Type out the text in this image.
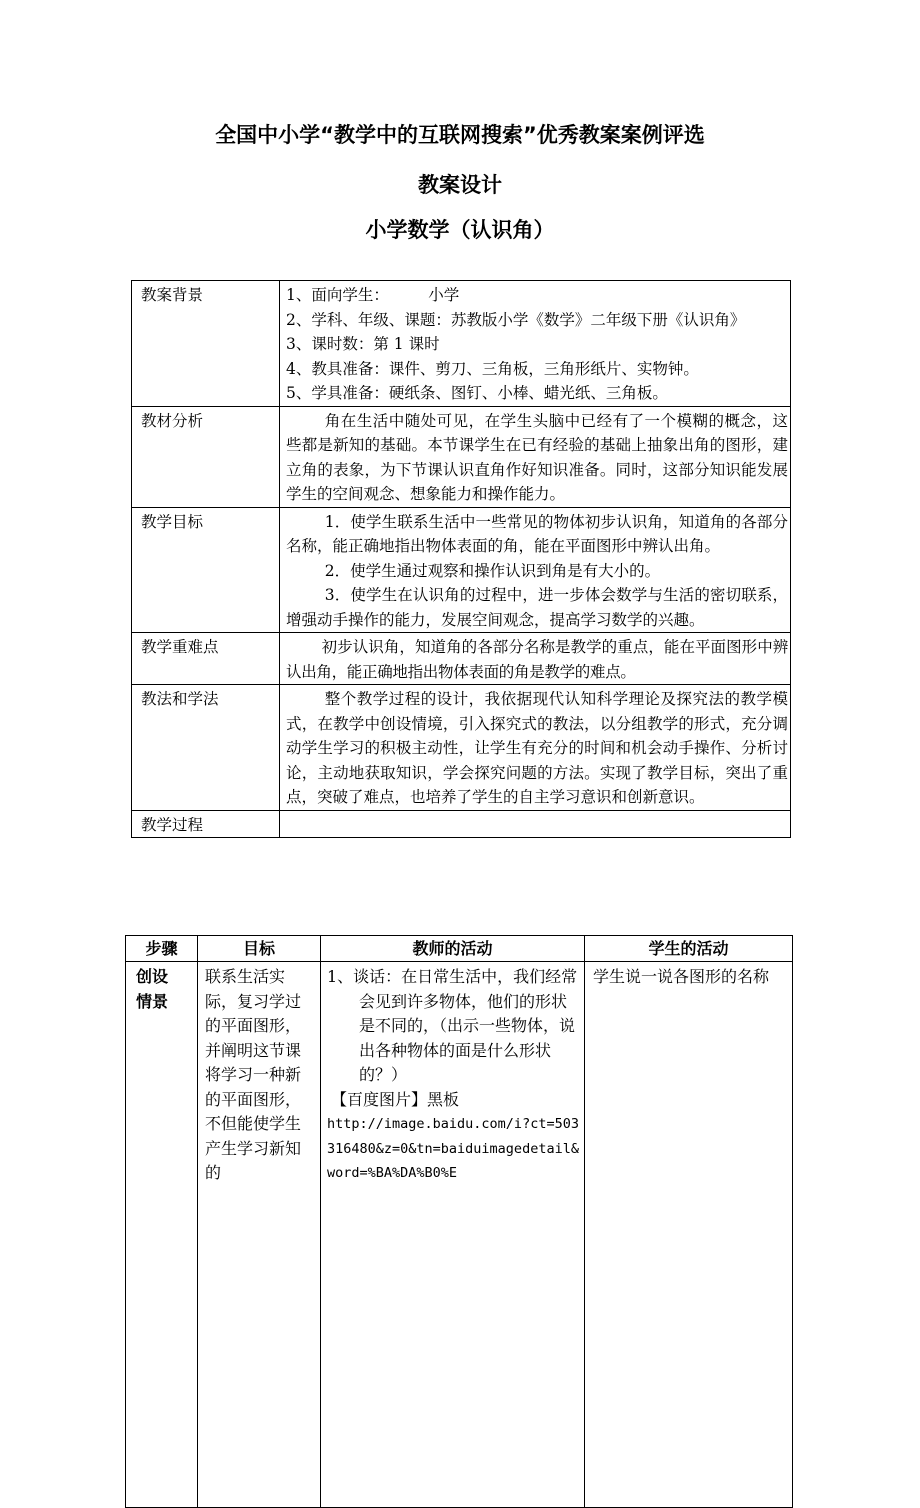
全国中小学“教学中的互联网搜索”优秀教案案例评选
教案设计
小学数学（认识角）
教案背景	1、面向学生：        小学
2、学科、年级、课题：苏教版小学《数学》二年级下册《认识角》
3、课时数：第 1 课时
4、教具准备：课件、剪刀、三角板，三角形纸片、实物钟。
5、学具准备：硬纸条、图钉、小棒、蜡光纸、三角板。

教材分析	角在生活中随处可见，在学生头脑中已经有了一个模糊的概念，这些都是新知的基础。本节课学生在已有经验的基础上抽象出角的图形，建立角的表象，为下节课认识直角作好知识准备。同时，这部分知识能发展学生的空间观念、想象能力和操作能力。

教学目标	1．使学生联系生活中一些常见的物体初步认识角，知道角的各部分名称，能正确地指出物体表面的角，能在平面图形中辨认出角。
2．使学生通过观察和操作认识到角是有大小的。
3．使学生在认识角的过程中，进一步体会数学与生活的密切联系，增强动手操作的能力，发展空间观念，提高学习数学的兴趣。

教学重难点	初步认识角，知道角的各部分名称是教学的重点，能在平面图形中辨认出角，能正确地指出物体表面的角是教学的难点。

教法和学法	整个教学过程的设计，我依据现代认知科学理论及探究法的教学模式，在教学中创设情境，引入探究式的教法，以分组教学的形式，充分调动学生学习的积极主动性，让学生有充分的时间和机会动手操作、分析讨论，主动地获取知识，学会探究问题的方法。实现了教学目标，突出了重点，突破了难点，也培养了学生的自主学习意识和创新意识。

教学过程	
步骤	目标	教师的活动	学生的活动

创设情景	联系生活实际，复习学过的平面图形，并阐明这节课将学习一种新的平面图形，不但能使学生产生学习新知的	1、谈话：在日常生活中，我们经常会见到许多物体，他们的形状是不同的，（出示一些物体，说出各种物体的面是什么形状的？）
【百度图片】黑板
http://image.baidu.com/i?ct=503316480&z=0&tn=baiduimagedetail&word=%BA%DA%B0%E	学生说一说各图形的名称
